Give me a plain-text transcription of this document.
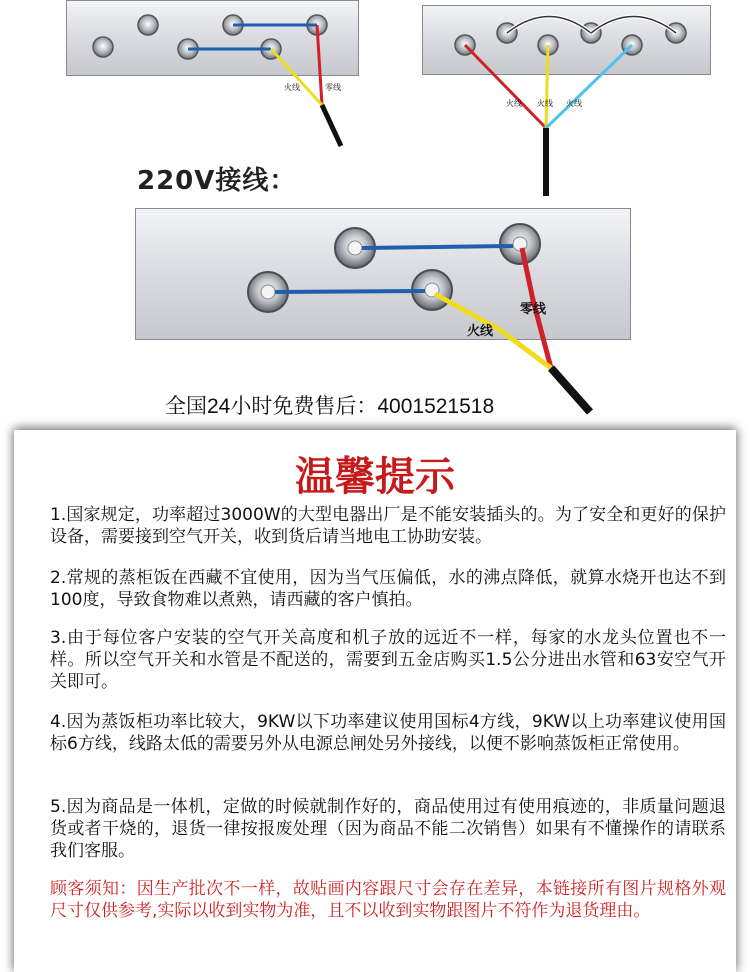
火线	零线
火线 火线 火线
220V接线：
零线
火线
全国24小时免费售后：4001521518
温馨提示
1.国家规定，功率超过3000W的大型电器出厂是不能安装插头的。为了安全和更好的保护设备，需要接到空气开关，收到货后请当地电工协助安装。
2.常规的蒸柜饭在西藏不宜使用，因为当气压偏低，水的沸点降低，就算水烧开也达不到100度，导致食物难以煮熟，请西藏的客户慎拍。
3.由于每位客户安装的空气开关高度和机子放的远近不一样，每家的水龙头位置也不一样。所以空气开关和水管是不配送的，需要到五金店购买1.5公分进出水管和63安空气开关即可。
4.因为蒸饭柜功率比较大，9KW以下功率建议使用国标4方线，9KW以上功率建议使用国标6方线，线路太低的需要另外从电源总闸处另外接线，以便不影响蒸饭柜正常使用。
5.因为商品是一体机，定做的时候就制作好的，商品使用过有使用痕迹的，非质量问题退货或者干烧的，退货一律按报废处理（因为商品不能二次销售）如果有不懂操作的请联系我们客服。
顾客须知：因生产批次不一样，故贴画内容跟尺寸会存在差异，本链接所有图片规格外观尺寸仅供参考,实际以收到实物为准，且不以收到实物跟图片不符作为退货理由。
